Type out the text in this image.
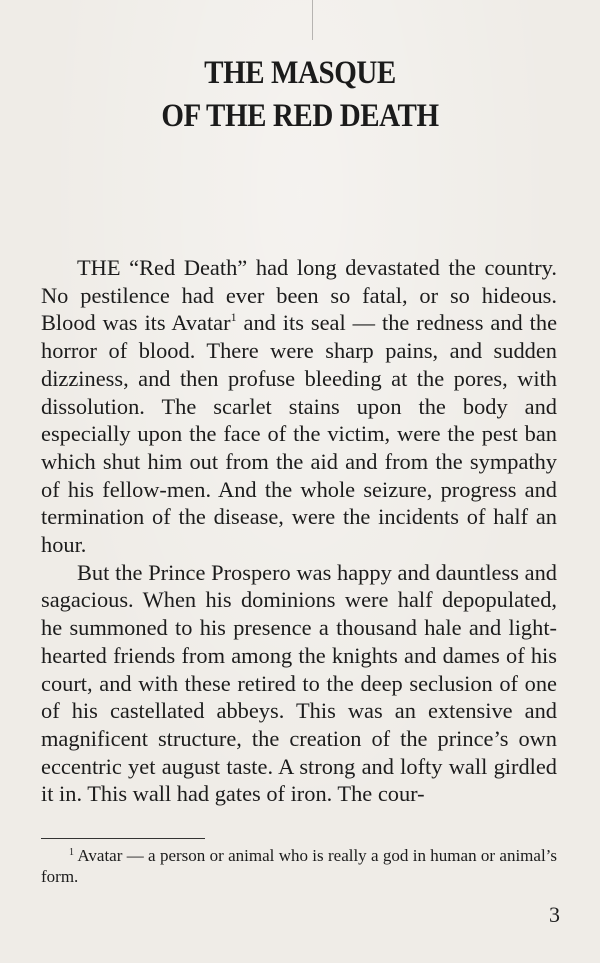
THE MASQUE
OF THE RED DEATH

THE “Red Death” had long devastated the country. No pestilence had ever been so fatal, or so hideous. Blood was its Avatar$^1$ and its seal — the redness and the horror of blood. There were sharp pains, and sudden dizziness, and then profuse bleeding at the pores, with dissolution. The scarlet stains upon the body and especially upon the face of the victim, were the pest ban which shut him out from the aid and from the sympathy of his fellow-men. And the whole seizure, progress and termination of the disease, were the incidents of half an hour.

But the Prince Prospero was happy and dauntless and sagacious. When his dominions were half depopulated, he summoned to his presence a thousand hale and light-hearted friends from among the knights and dames of his court, and with these retired to the deep seclusion of one of his castellated abbeys. This was an extensive and magnificent structure, the creation of the prince’s own eccentric yet august taste. A strong and lofty wall girdled it in. This wall had gates of iron. The cour-

$^1$ Avatar — a person or animal who is really a god in human or animal’s form.

3
